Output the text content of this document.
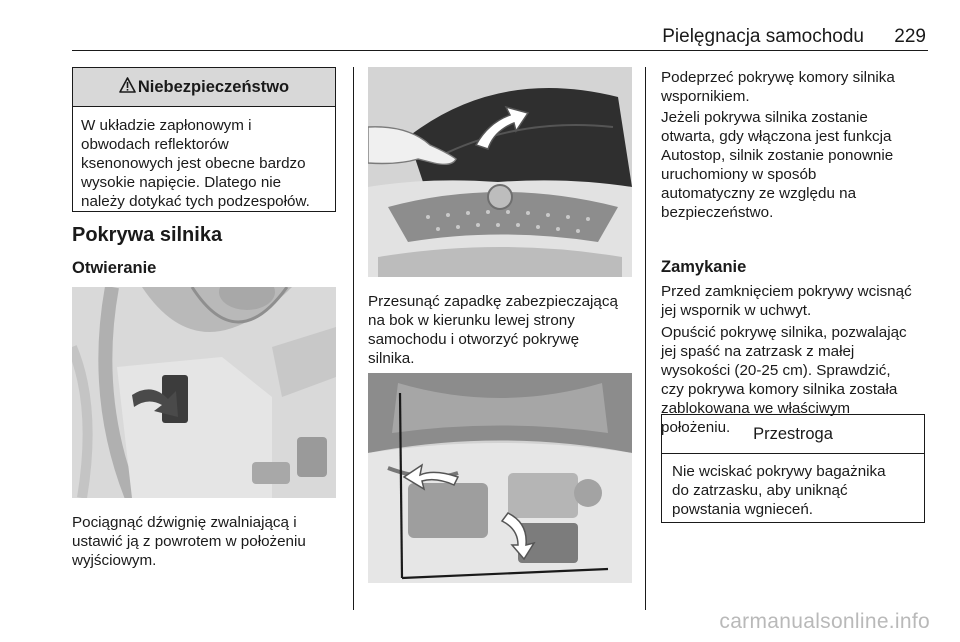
Pielęgnacja samochodu 229
Niebezpieczeństwo

W układzie zapłonowym i

obwodach reflektorów

ksenonowych jest obecne bardzo

wysokie napięcie. Dlatego nie

należy dotykać tych podzespołów.

Pokrywa silnika
Otwieranie

Pociągnąć dźwignię zwalniającą i

ustawić ją z powrotem w położeniu

wyjściowym.

Przesunąć zapadkę zabezpieczającą

na bok w kierunku lewej strony

samochodu i otworzyć pokrywę

silnika.

Podeprzeć pokrywę komory silnika

wspornikiem.

Jeżeli pokrywa silnika zostanie

otwarta, gdy włączona jest funkcja

Autostop, silnik zostanie ponownie

uruchomiony w sposób

automatyczny ze względu na

bezpieczeństwo.

Zamykanie

Przed zamknięciem pokrywy wcisnąć

jej wspornik w uchwyt.

Opuścić pokrywę silnika, pozwalając

jej spaść na zatrzask z małej

wysokości (20-25 cm). Sprawdzić,

czy pokrywa komory silnika została

zablokowana we właściwym

położeniu.	Przestroga

Nie wciskać pokrywy bagażnika

do zatrzasku, aby uniknąć

powstania wgnieceń.

carmanualsonline.info
